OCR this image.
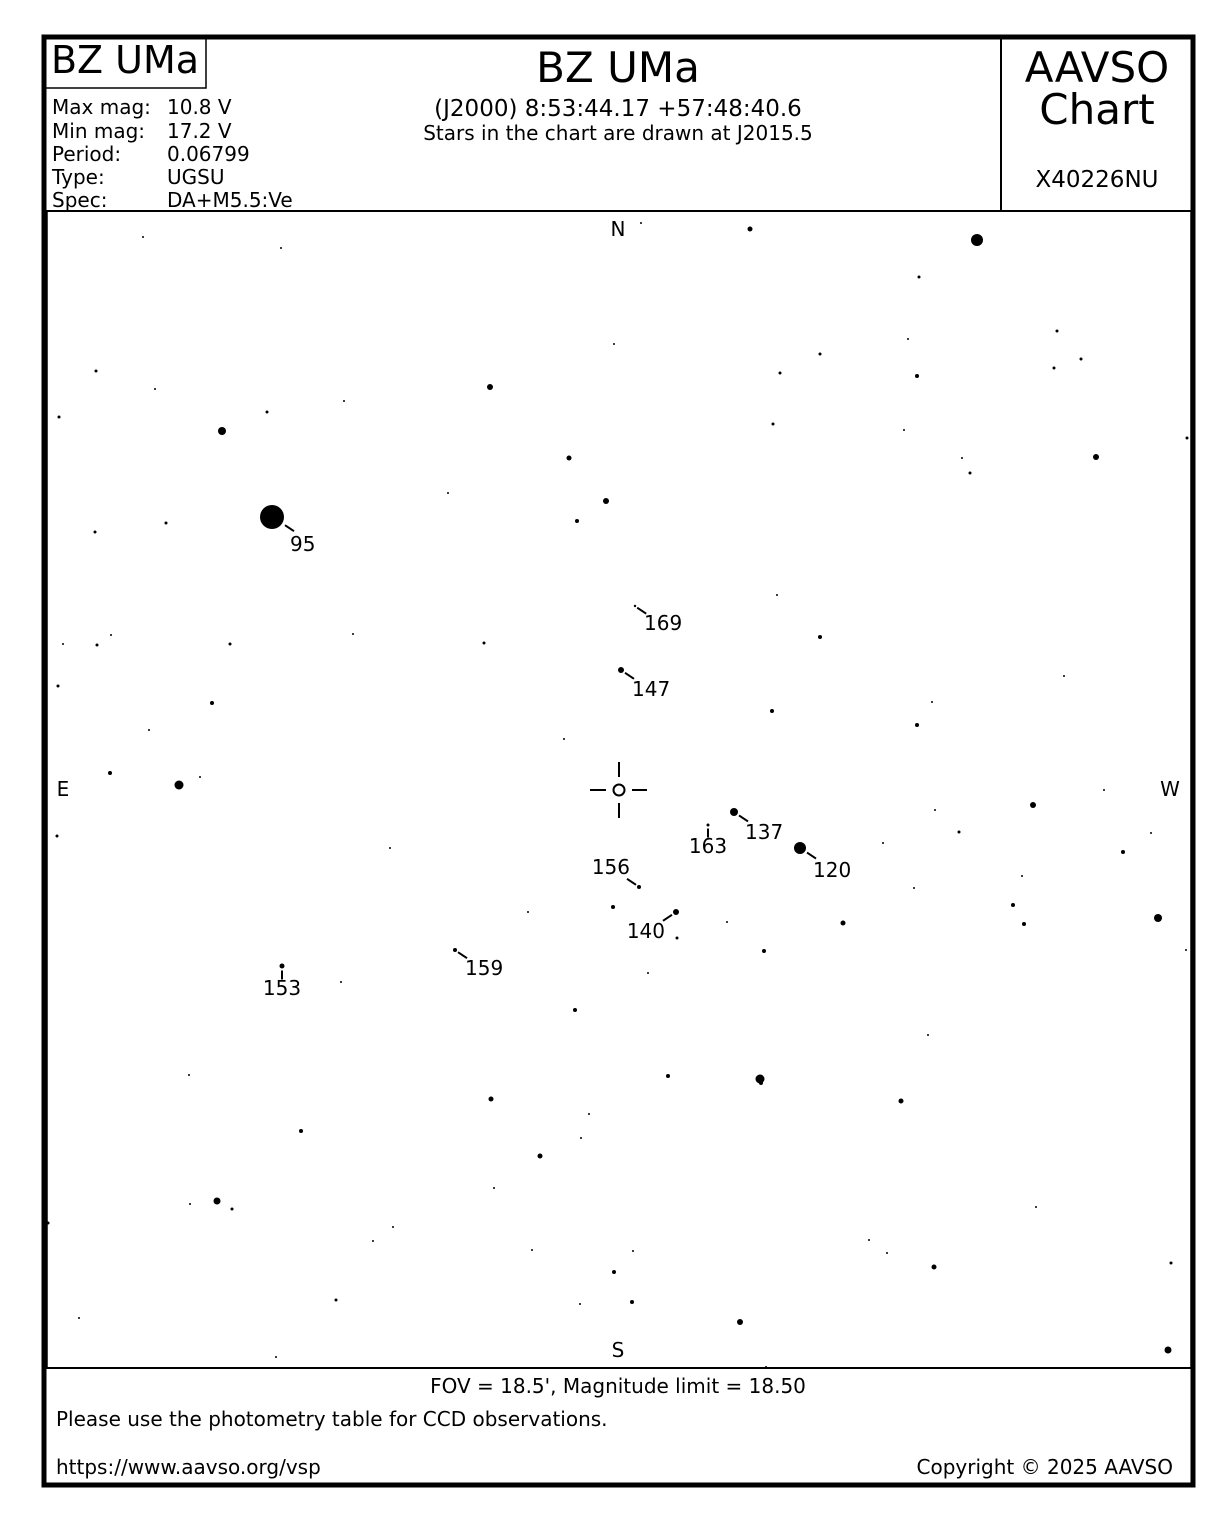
BZ UMa	BZ UMa
(J2000) 8:53:44.17 +57:48:40.6
Stars in the chart are drawn at J2015.5
AAVSO
Chart
X40226NU
Max mag: 10.8 V
Min mag: 17.2 V
Period: 0.06799
Type:	UGSU
Spec:	DA+M5.5:Ve
N
S
E	W
95
169
147
137
163
120
156
140
159
153
FOV = 18.5', Magnitude limit = 18.50
Please use the photometry table for CCD observations.
https://www.aavso.org/vsp	Copyright © 2025 AAVSO
